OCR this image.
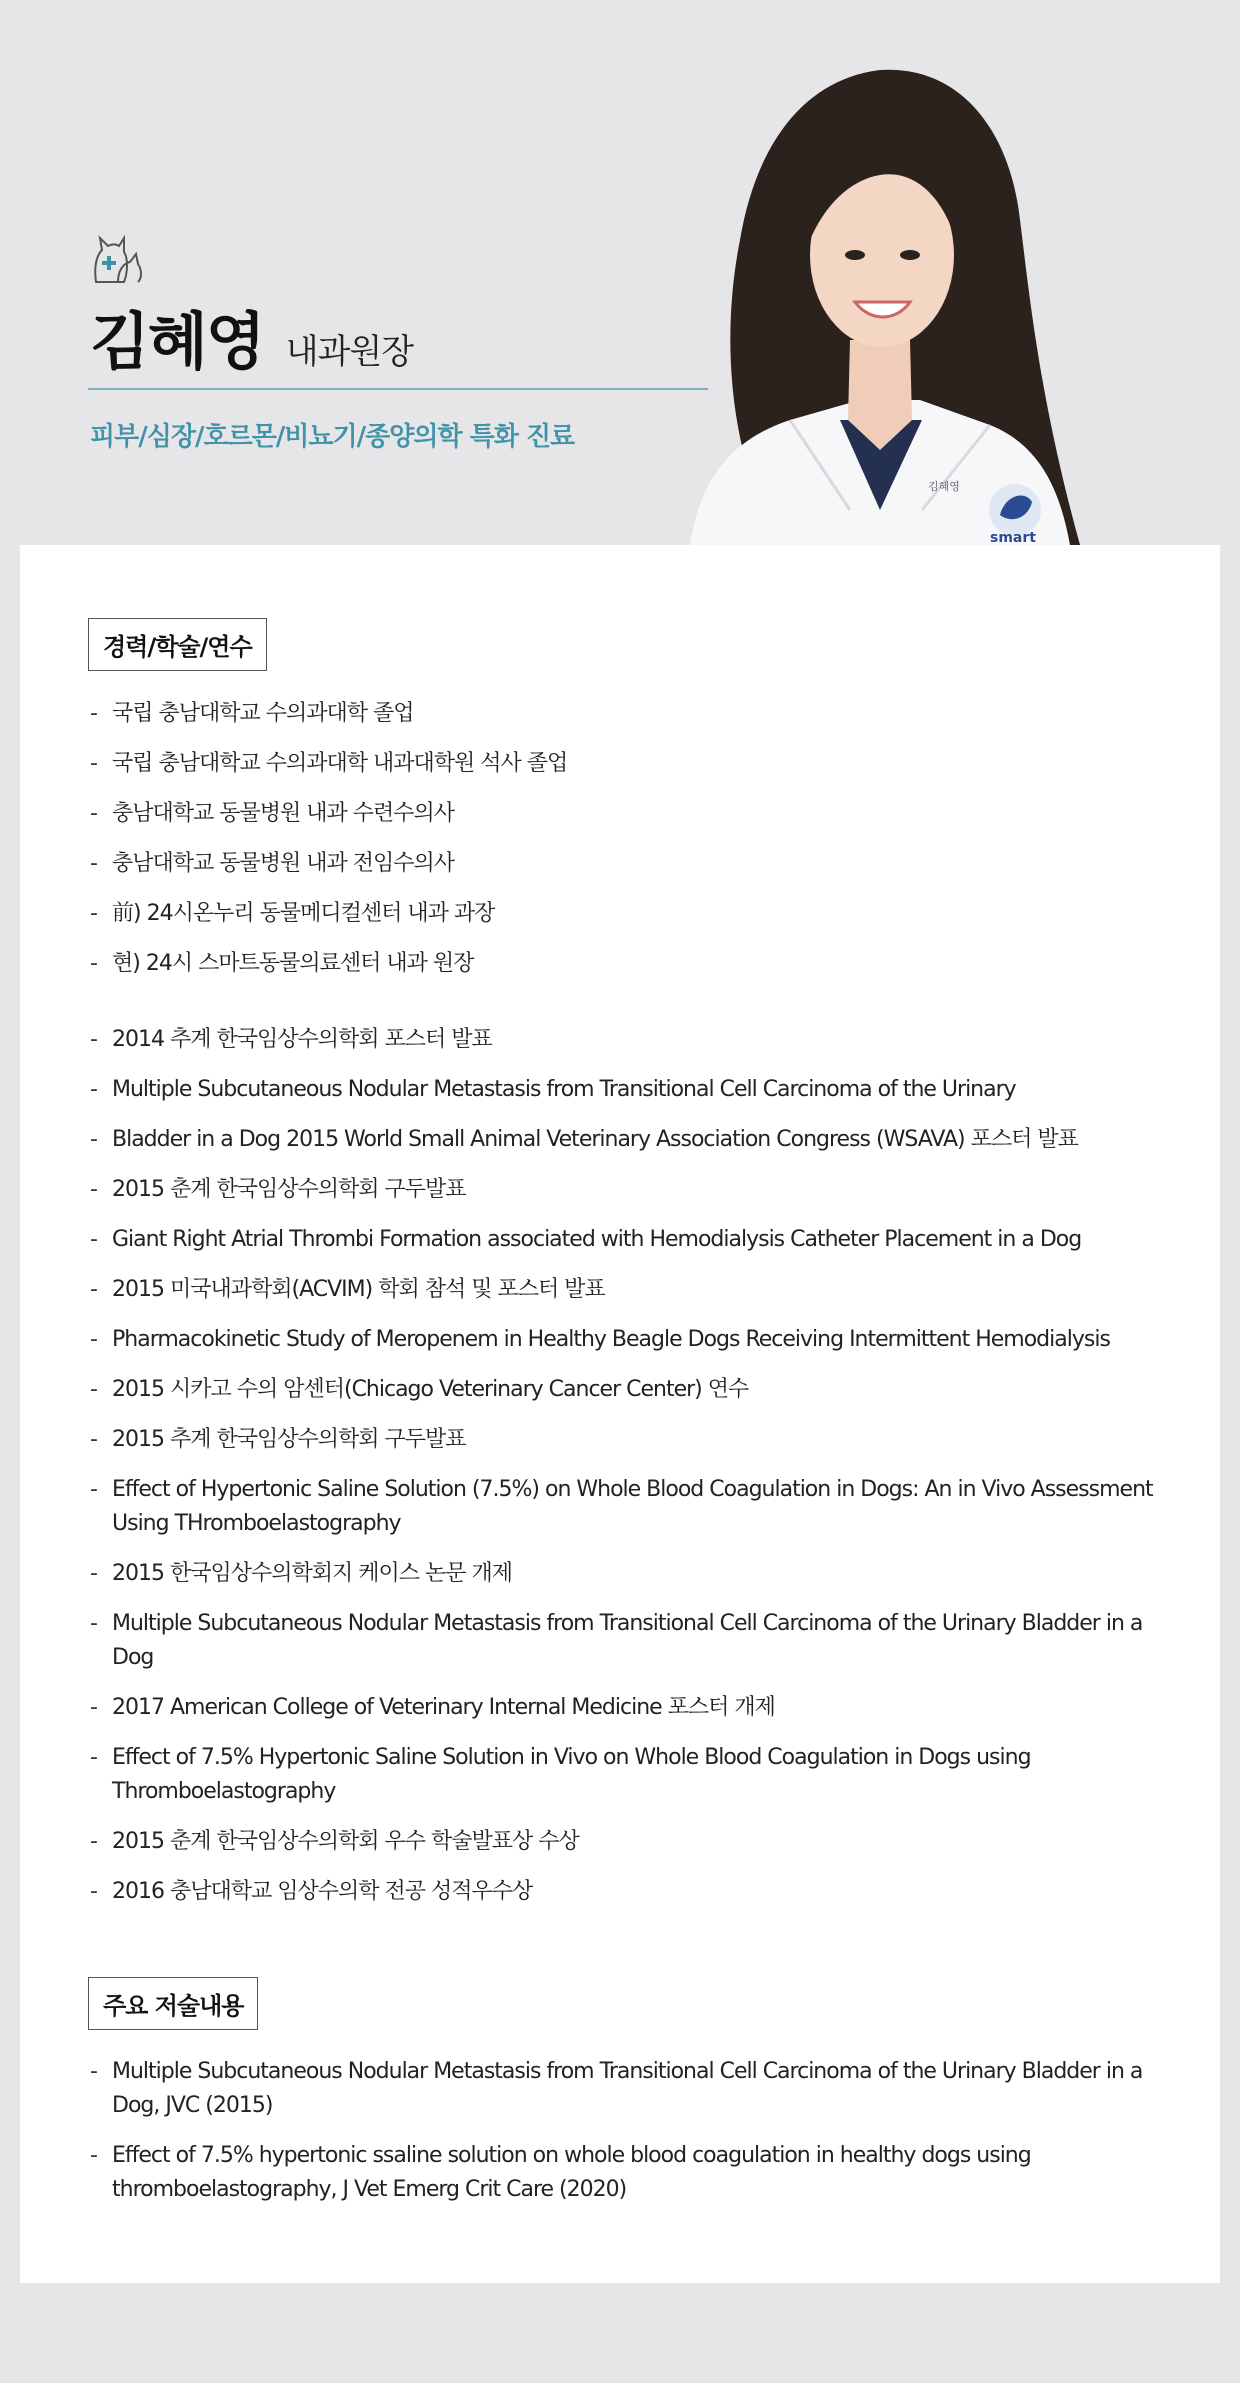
김혜영 내과원장
피부/심장/호르몬/비뇨기/종양의학 특화 진료
김혜영
smart
경력/학술/연수
- 국립 충남대학교 수의과대학 졸업
- 국립 충남대학교 수의과대학 내과대학원 석사 졸업
- 충남대학교 동물병원 내과 수련수의사
- 충남대학교 동물병원 내과 전임수의사
- 前) 24시온누리 동물메디컬센터 내과 과장
- 현) 24시 스마트동물의료센터 내과 원장
- 2014 추계 한국임상수의학회 포스터 발표
- Multiple Subcutaneous Nodular Metastasis from Transitional Cell Carcinoma of the Urinary
- Bladder in a Dog 2015 World Small Animal Veterinary Association Congress (WSAVA) 포스터 발표
- 2015 춘계 한국임상수의학회 구두발표
- Giant Right Atrial Thrombi Formation associated with Hemodialysis Catheter Placement in a Dog
- 2015 미국내과학회(ACVIM) 학회 참석 및 포스터 발표
- Pharmacokinetic Study of Meropenem in Healthy Beagle Dogs Receiving Intermittent Hemodialysis
- 2015 시카고 수의 암센터(Chicago Veterinary Cancer Center) 연수
- 2015 추계 한국임상수의학회 구두발표
- Effect of Hypertonic Saline Solution (7.5%) on Whole Blood Coagulation in Dogs: An in Vivo Assessment Using THromboelastography
- 2015 한국임상수의학회지 케이스 논문 개제
- Multiple Subcutaneous Nodular Metastasis from Transitional Cell Carcinoma of the Urinary Bladder in a Dog
- 2017 American College of Veterinary Internal Medicine 포스터 개제
- Effect of 7.5% Hypertonic Saline Solution in Vivo on Whole Blood Coagulation in Dogs using Thromboelastography
- 2015 춘계 한국임상수의학회 우수 학술발표상 수상
- 2016 충남대학교 임상수의학 전공 성적우수상
주요 저술내용
- Multiple Subcutaneous Nodular Metastasis from Transitional Cell Carcinoma of the Urinary Bladder in a Dog, JVC (2015)
- Effect of 7.5% hypertonic ssaline solution on whole blood coagulation in healthy dogs using thromboelastography, J Vet Emerg Crit Care (2020)
